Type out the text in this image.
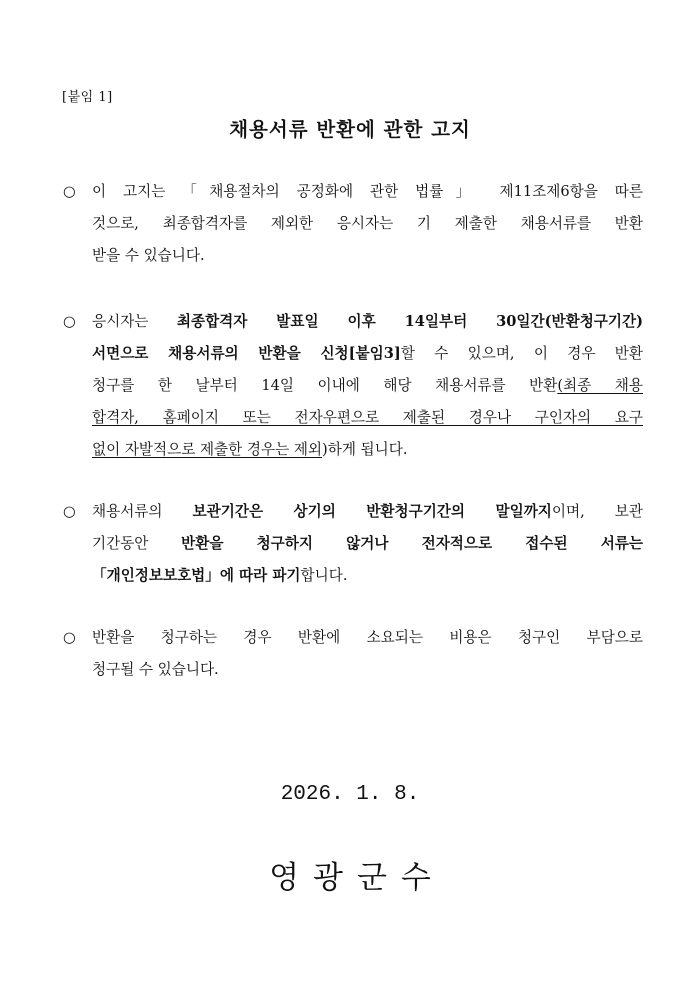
[붙임 1]
채용서류 반환에 관한 고지
○ 이 고지는 「채용절차의 공정화에 관한 법률」 제11조제6항을 따른
것으로, 최종합격자를 제외한 응시자는 기 제출한 채용서류를 반환
받을 수 있습니다.
○ 응시자는 최종합격자 발표일 이후 14일부터 30일간(반환청구기간)
서면으로 채용서류의 반환을 신청[붙임3]할 수 있으며, 이 경우 반환
청구를 한 날부터 14일 이내에 해당 채용서류를 반환(최종 채용
합격자, 홈페이지 또는 전자우편으로 제출된 경우나 구인자의 요구
없이 자발적으로 제출한 경우는 제외)하게 됩니다.
○ 채용서류의 보관기간은 상기의 반환청구기간의 말일까지이며, 보관
기간동안 반환을 청구하지 않거나 전자적으로 접수된 서류는
「개인정보보호법」에 따라 파기합니다.
○ 반환을 청구하는 경우 반환에 소요되는 비용은 청구인 부담으로
청구될 수 있습니다.
2026. 1. 8.
영광군수
